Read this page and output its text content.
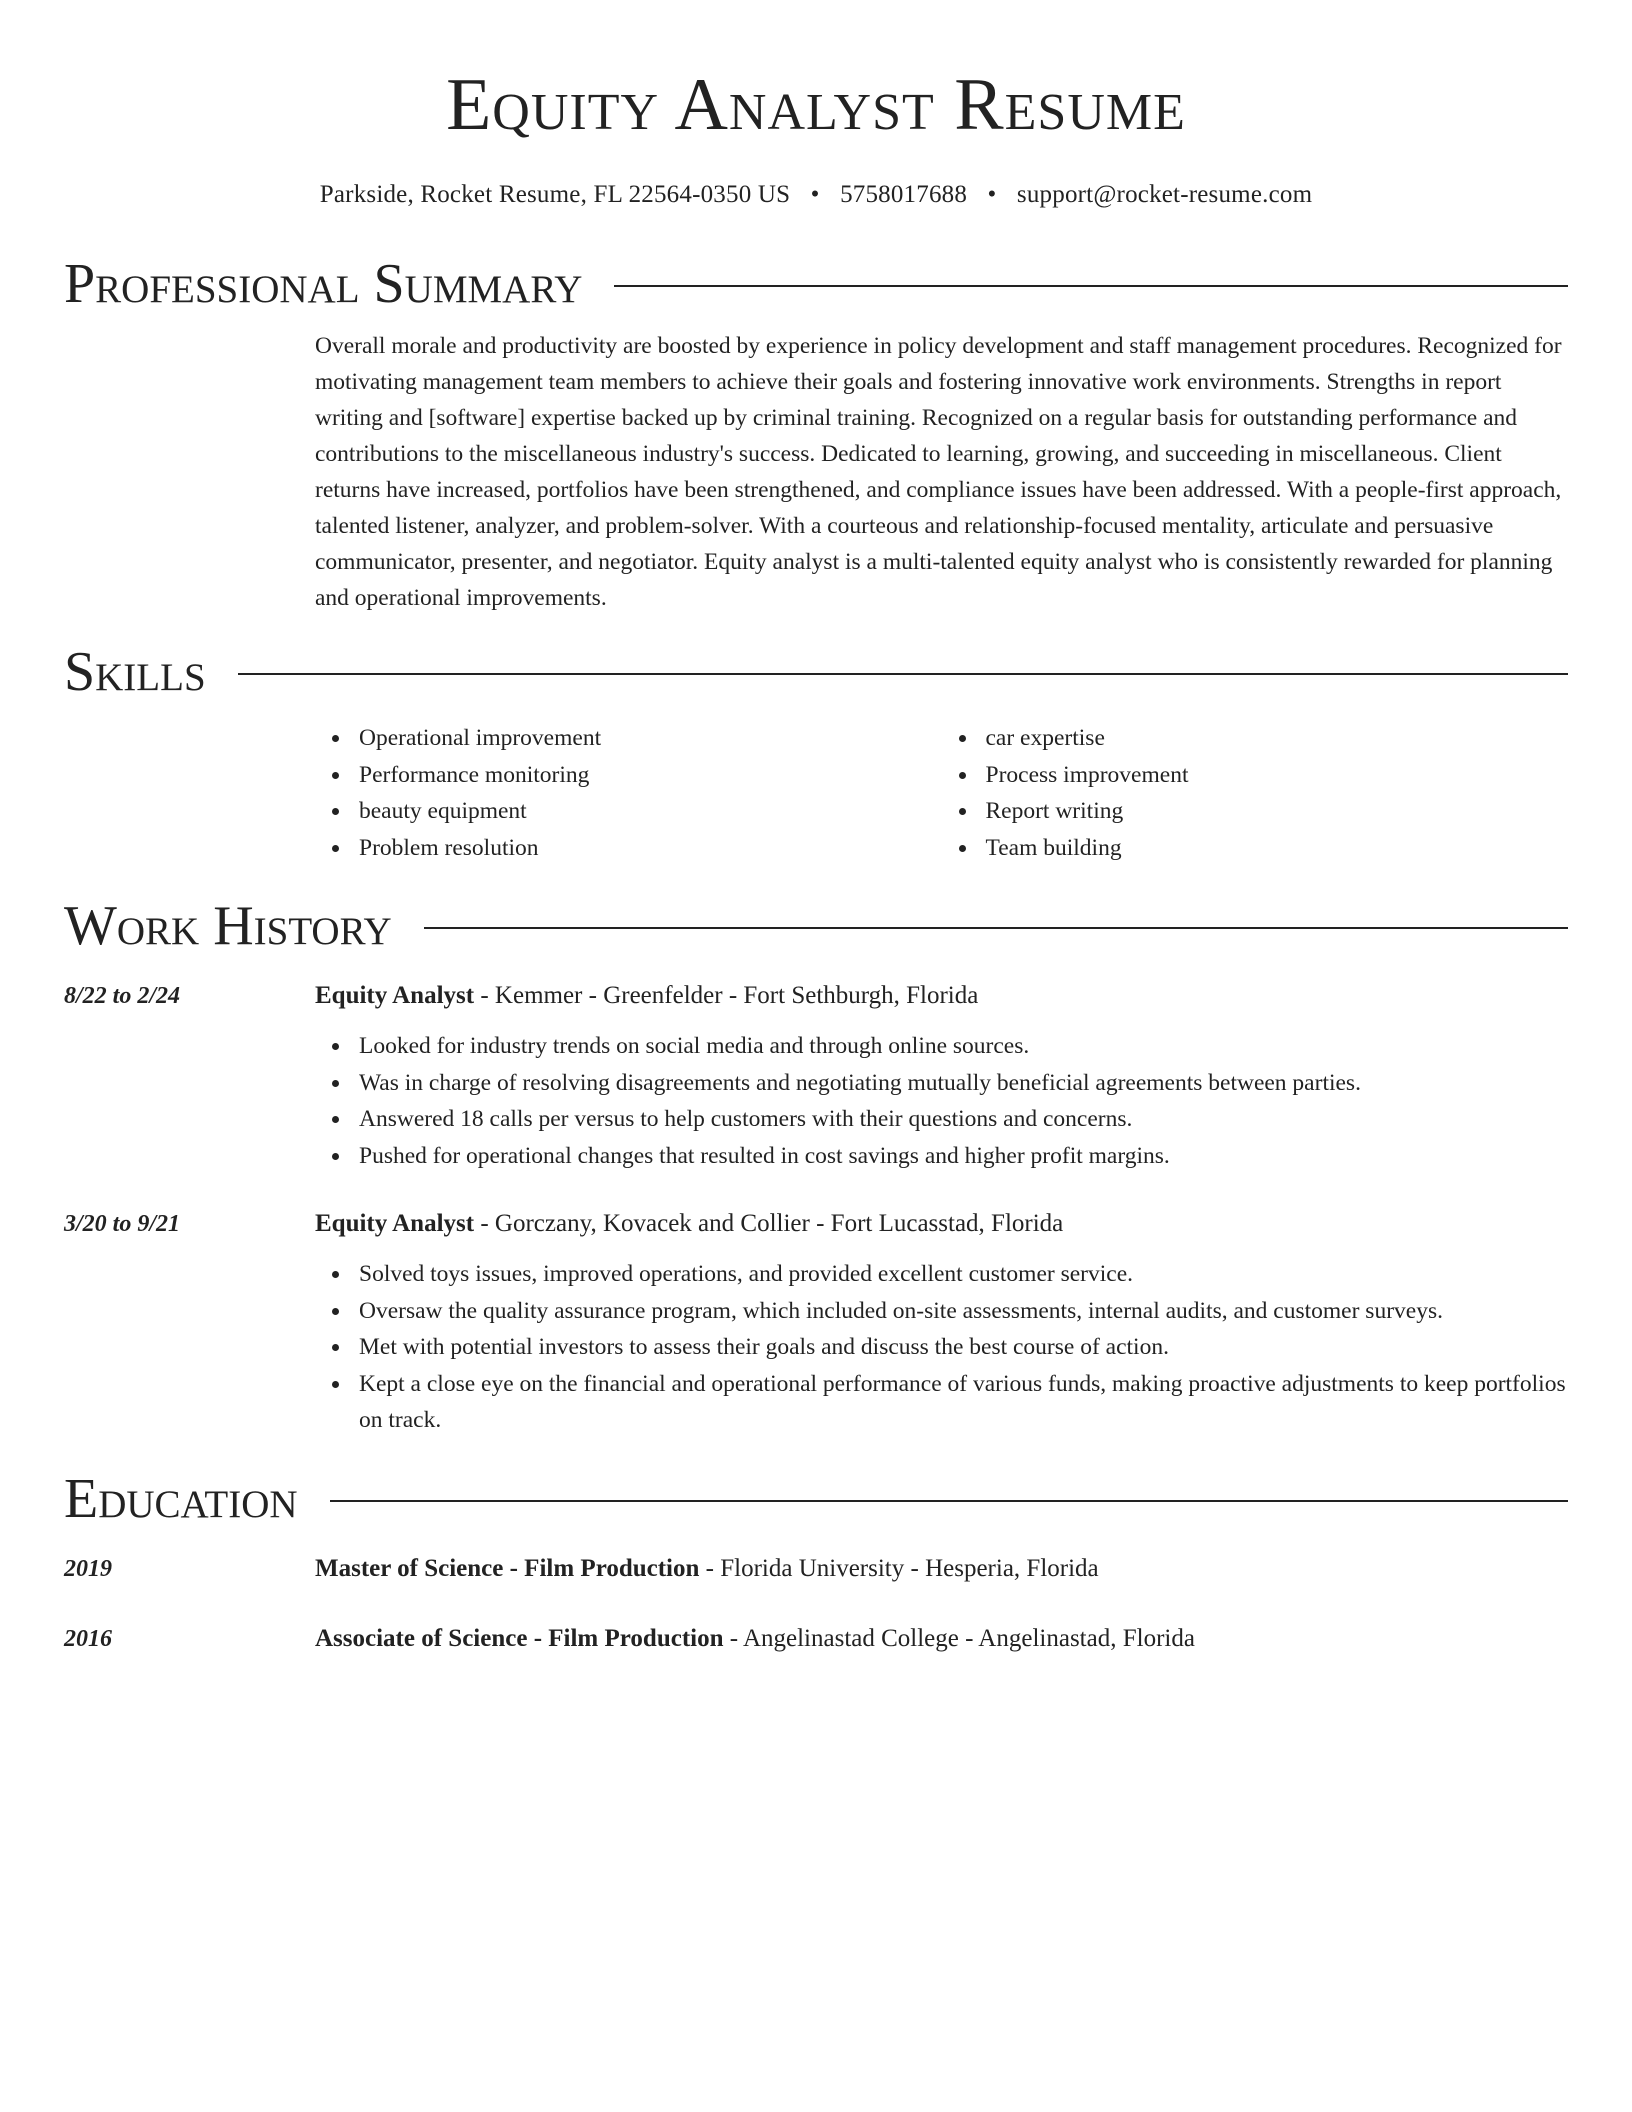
Equity Analyst Resume
Parkside, Rocket Resume, FL 22564-0350 US • 5758017688 • support@rocket-resume.com
Professional Summary

Overall morale and productivity are boosted by experience in policy development and staff management procedures. Recognized for motivating management team members to achieve their goals and fostering innovative work environments. Strengths in report writing and [software] expertise backed up by criminal training. Recognized on a regular basis for outstanding performance and contributions to the miscellaneous industry's success. Dedicated to learning, growing, and succeeding in miscellaneous. Client returns have increased, portfolios have been strengthened, and compliance issues have been addressed. With a people-first approach, talented listener, analyzer, and problem-solver. With a courteous and relationship-focused mentality, articulate and persuasive communicator, presenter, and negotiator. Equity analyst is a multi-talented equity analyst who is consistently rewarded for planning and operational improvements.

Skills
Operational improvement
Performance monitoring
beauty equipment
Problem resolution
car expertise
Process improvement
Report writing
Team building
Work History
8/22 to 2/24	Equity Analyst - Kemmer - Greenfelder - Fort Sethburgh, Florida
Looked for industry trends on social media and through online sources.
Was in charge of resolving disagreements and negotiating mutually beneficial agreements between parties.
Answered 18 calls per versus to help customers with their questions and concerns.
Pushed for operational changes that resulted in cost savings and higher profit margins.
3/20 to 9/21	Equity Analyst - Gorczany, Kovacek and Collier - Fort Lucasstad, Florida
Solved toys issues, improved operations, and provided excellent customer service.
Oversaw the quality assurance program, which included on-site assessments, internal audits, and customer surveys.
Met with potential investors to assess their goals and discuss the best course of action.
Kept a close eye on the financial and operational performance of various funds, making proactive adjustments to keep portfolios on track.
Education
2019	Master of Science - Film Production - Florida University - Hesperia, Florida
2016	Associate of Science - Film Production - Angelinastad College - Angelinastad, Florida
